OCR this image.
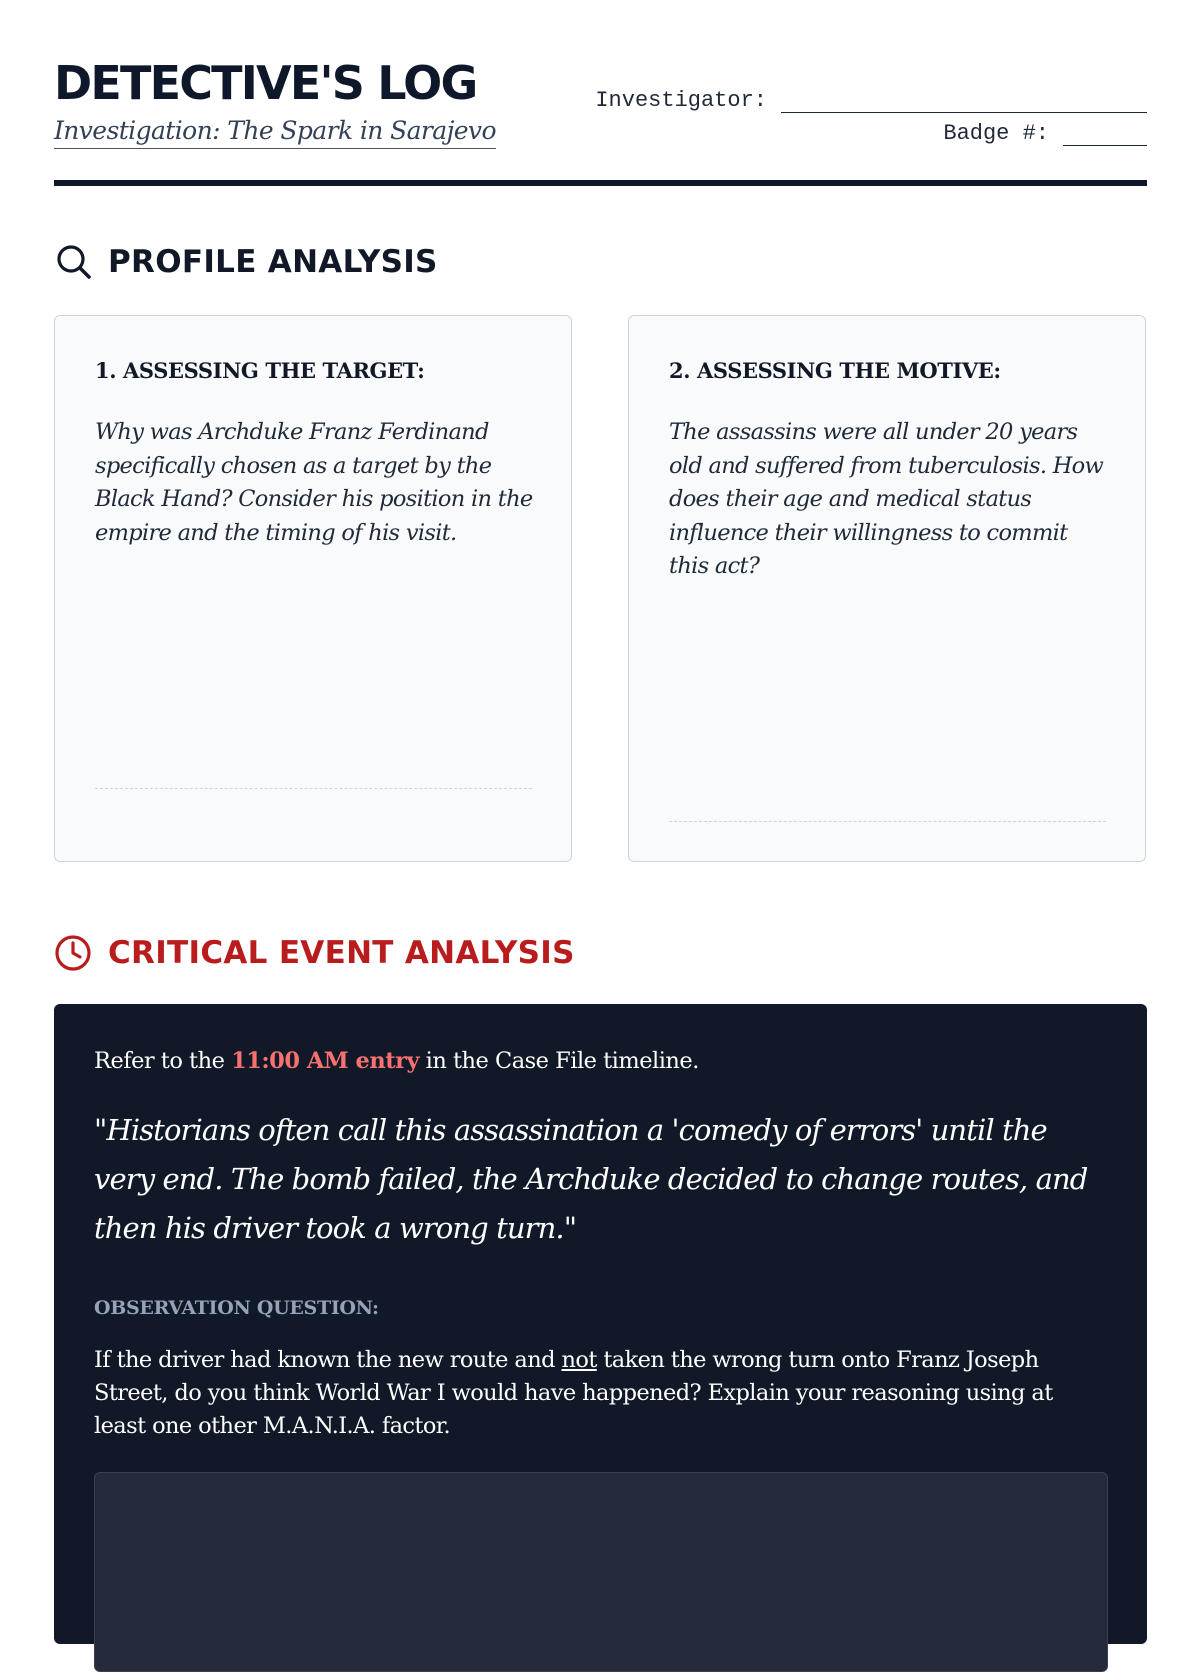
DETECTIVE'S LOG
Investigation: The Spark in Sarajevo
Investigator:
Badge #:
PROFILE ANALYSIS
1. ASSESSING THE TARGET:

Why was Archduke Franz Ferdinand specifically chosen as a target by the Black Hand? Consider his position in the empire and the timing of his visit.

2. ASSESSING THE MOTIVE:

The assassins were all under 20 years old and suffered from tuberculosis. How does their age and medical status influence their willingness to commit this act?

CRITICAL EVENT ANALYSIS

Refer to the 11:00 AM entry in the Case File timeline.

"Historians often call this assassination a 'comedy of errors' until the very end. The bomb failed, the Archduke decided to change routes, and then his driver took a wrong turn."

OBSERVATION QUESTION:

If the driver had known the new route and not taken the wrong turn onto Franz Joseph Street, do you think World War I would have happened? Explain your reasoning using at least one other M.A.N.I.A. factor.
